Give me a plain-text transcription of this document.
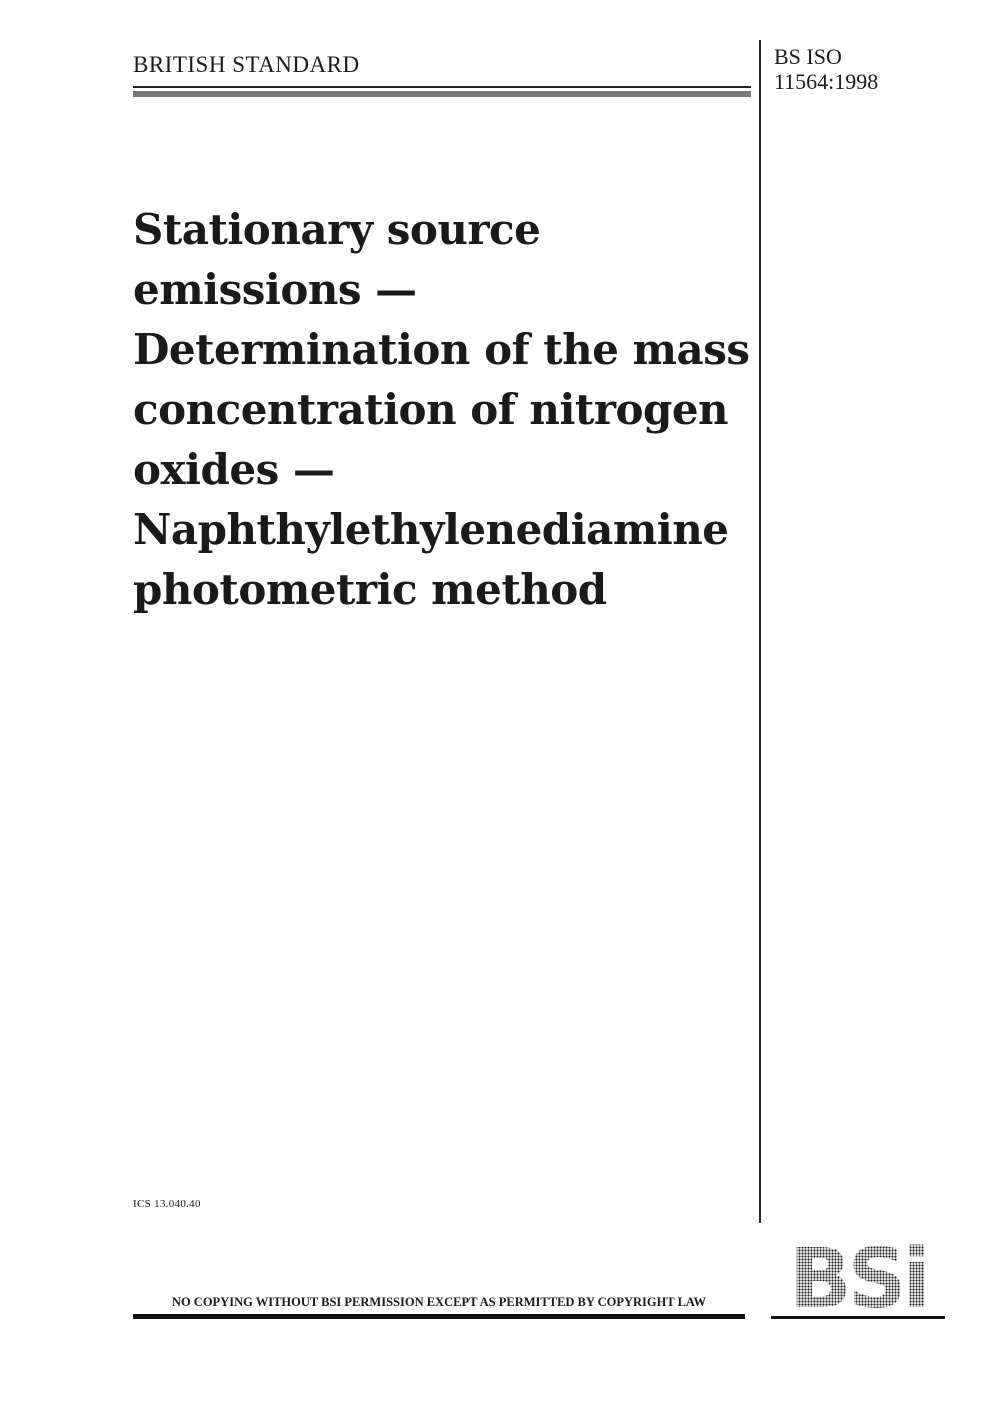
BRITISH STANDARD	BS ISO
11564:1998
Stationary source
emissions —
Determination of the mass
concentration of nitrogen
oxides —
Naphthylethylenediamine
photometric method
ICS 13.040.40
NO COPYING WITHOUT BSI PERMISSION EXCEPT AS PERMITTED BY COPYRIGHT LAW	BSi
